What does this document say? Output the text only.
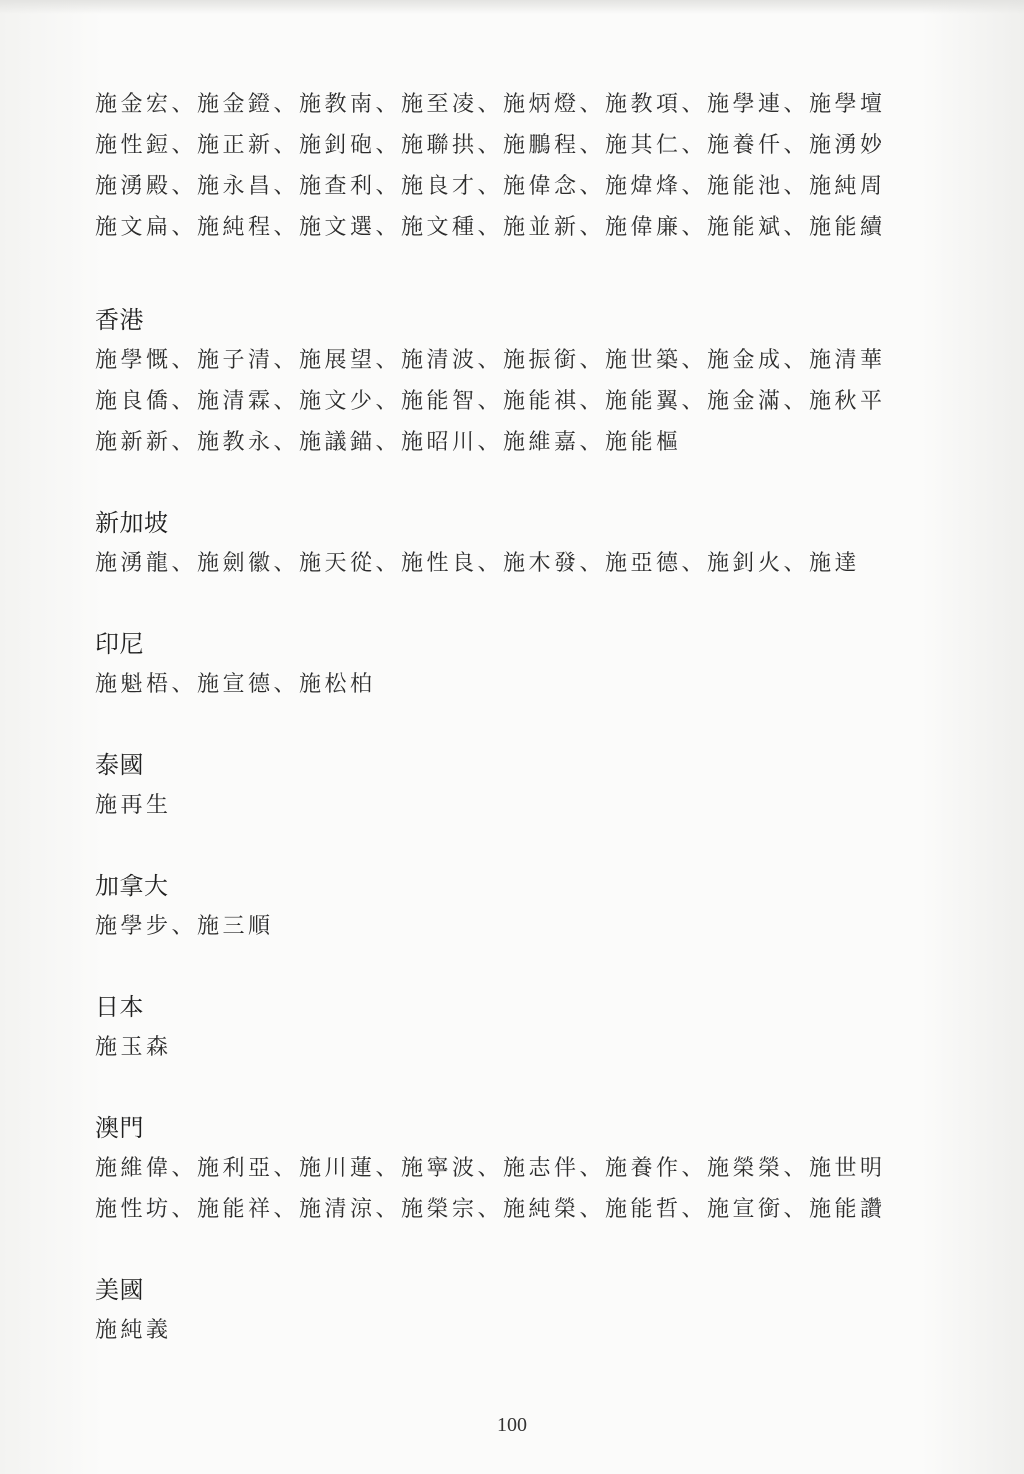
施金宏、施金鐙、施教南、施至凌、施炳燈、施教項、施學連、施學壇
施性鋀、施正新、施釗砲、施聯拱、施鵬程、施其仁、施養仟、施湧妙
施湧殿、施永昌、施查利、施良才、施偉念、施煒烽、施能池、施純周
施文扁、施純程、施文選、施文種、施並新、施偉廉、施能斌、施能續
香港
施學慨、施子清、施展望、施清波、施振銜、施世築、施金成、施清華
施良僑、施清霖、施文少、施能智、施能祺、施能翼、施金滿、施秋平
施新新、施教永、施議錨、施昭川、施維嘉、施能樞
新加坡
施湧龍、施劍徽、施天從、施性良、施木發、施亞德、施釗火、施達
印尼
施魁梧、施宣德、施松柏
泰國
施再生
加拿大
施學步、施三順
日本
施玉森
澳門
施維偉、施利亞、施川蓮、施寧波、施志伴、施養作、施榮榮、施世明
施性坊、施能祥、施清涼、施榮宗、施純榮、施能哲、施宣銜、施能讚
美國
施純義
100
